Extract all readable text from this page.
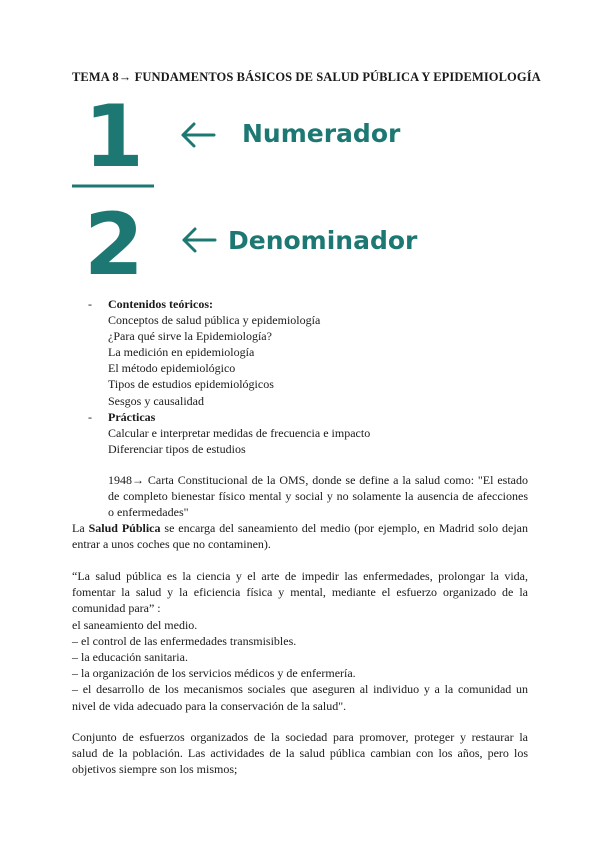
TEMA 8→ FUNDAMENTOS BÁSICOS DE SALUD PÚBLICA Y EPIDEMIOLOGÍA
1	Numerador
2	Denominador
- Contenidos teóricos:
Conceptos de salud pública y epidemiología
¿Para qué sirve la Epidemiología?
La medición en epidemiología
El método epidemiológico
Tipos de estudios epidemiológicos
Sesgos y causalidad
- Prácticas
Calcular e interpretar medidas de frecuencia e impacto
Diferenciar tipos de estudios
1948→ Carta Constitucional de la OMS, donde se define a la salud como: "El estado
de completo bienestar físico mental y social y no solamente la ausencia de afecciones
o enfermedades"
La Salud Pública se encarga del saneamiento del medio (por ejemplo, en Madrid solo dejan
entrar a unos coches que no contaminen).
“La salud pública es la ciencia y el arte de impedir las enfermedades, prolongar la vida,
fomentar la salud y la eficiencia física y mental, mediante el esfuerzo organizado de la
comunidad para” :
el saneamiento del medio.
– el control de las enfermedades transmisibles.
– la educación sanitaria.
– la organización de los servicios médicos y de enfermería.
– el desarrollo de los mecanismos sociales que aseguren al individuo y a la comunidad un
nivel de vida adecuado para la conservación de la salud".
Conjunto de esfuerzos organizados de la sociedad para promover, proteger y restaurar la
salud de la población. Las actividades de la salud pública cambian con los años, pero los
objetivos siempre son los mismos;
